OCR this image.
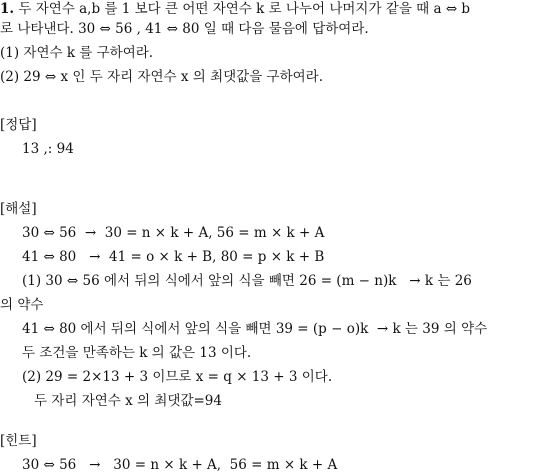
1. 두 자연수 a,b 를 1 보다 큰 어떤 자연수 k 로 나누어 나머지가 같을 때 a ⇔ b
로 나타낸다. 30 ⇔ 56 , 41 ⇔ 80 일 때 다음 물음에 답하여라.
(1) 자연수 k 를 구하여라.
(2) 29 ⇔ x 인 두 자리 자연수 x 의 최댓값을 구하여라.
[정답]
13 ,: 94
[해설]
30 ⇔ 56  →  30 = n × k + A, 56 = m × k + A
41 ⇔ 80   →  41 = o × k + B, 80 = p × k + B
(1) 30 ⇔ 56 에서 뒤의 식에서 앞의 식을 빼면 26 = (m − n)k   → k 는 26
의 약수
41 ⇔ 80 에서 뒤의 식에서 앞의 식을 빼면 39 = (p − o)k  → k 는 39 의 약수
두 조건을 만족하는 k 의 값은 13 이다.
(2) 29 = 2×13 + 3 이므로 x = q × 13 + 3 이다.
두 자리 자연수 x 의 최댓값=94
[힌트]
30 ⇔ 56   →   30 = n × k + A,  56 = m × k + A
